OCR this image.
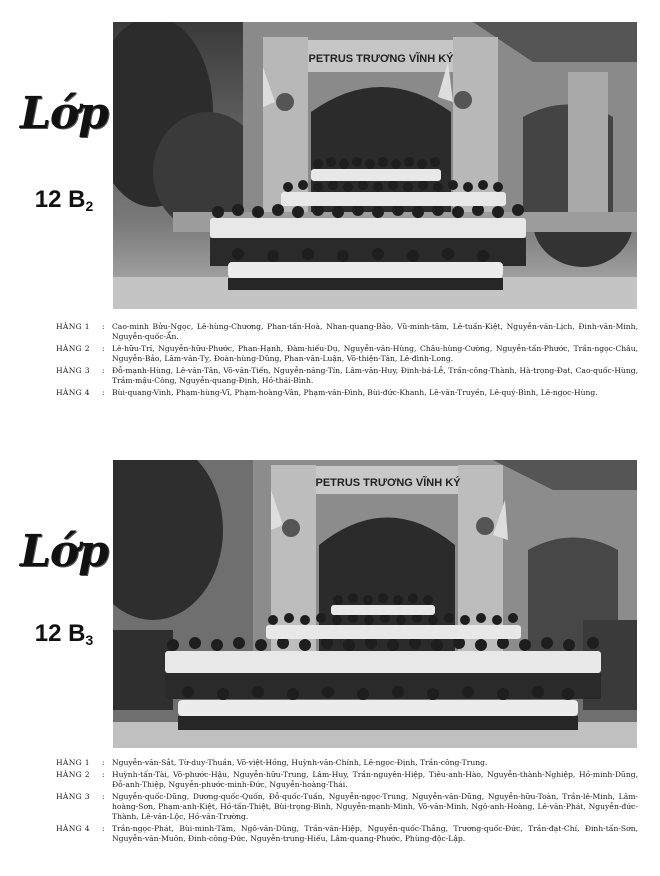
Lớp
12 $B_2$
PETRUS TRƯƠNG VĨNH KÝ
HÀNG 1	: Cao-minh Bửu-Ngọc, Lê-hùng-Chương, Phan-tấn-Hoà, Nhan-quang-Bảo, Vũ-minh-tâm, Lê-tuấn-Kiệt, Nguyễn-văn-Lịch, Đinh-văn-Minh, Nguyễn-quốc-Ẩn.
HÀNG 2	: Lê-hữu-Trí, Nguyễn-hữu-Phước, Phan-Hạnh, Đàm-hiếu-Dụ, Nguyễn-văn-Hùng, Châu-hùng-Cường, Nguyễn-tấn-Phước, Trần-ngọc-Châu, Nguyễn-Bảo, Lâm-văn-Tỵ, Đoàn-hùng-Dũng, Phan-văn-Luận, Võ-thiện-Tân, Lê-đình-Long.
HÀNG 3	: Đỗ-mạnh-Hùng, Lê-văn-Tân, Võ-văn-Tiến, Nguyễn-năng-Tín, Lâm-văn-Huy, Đinh-bá-Lễ, Trần-công-Thành, Hà-trọng-Đạt, Cao-quốc-Hùng, Trầm-mậu-Công, Nguyễn-quang-Định, Hồ-thái-Bình.
HÀNG 4	: Bùi-quang-Vinh, Phạm-hùng-Vĩ, Phạm-hoàng-Vân, Phạm-văn-Đình, Bùi-đức-Khanh, Lê-văn-Truyền, Lê-quý-Bình, Lê-ngọc-Hùng.
Lớp
12 $B_3$
PETRUS TRƯƠNG VĨNH KÝ
HÀNG 1	: Nguyễn-văn-Sắt, Từ-duy-Thuần, Võ-việt-Hồng, Huỳnh-văn-Chính, Lê-ngọc-Định, Trần-công-Trung.
HÀNG 2	: Huỳnh-tấn-Tài, Võ-phước-Hậu, Nguyễn-hữu-Trung, Lâm-Huy, Trần-nguyên-Hiệp, Tiêu-anh-Hào, Nguyễn-thành-Nghiệp, Hồ-minh-Dũng, Đỗ-anh-Thiệp, Nguyễn-phước-minh-Đức, Nguyễn-hoàng-Thái.
HÀNG 3	: Nguyễn-quốc-Dũng, Dương-quốc-Quốn, Đỗ-quốc-Tuấn, Nguyễn-ngọc-Trung, Nguyễn-văn-Dũng, Nguyễn-hữu-Toàn, Trần-lê-Minh, Lâm-hoàng-Sơn, Phạm-anh-Kiệt, Hồ-tấn-Thiệt, Bùi-trọng-Bình, Nguyễn-mạnh-Minh, Võ-văn-Minh, Ngô-anh-Hoàng, Lê-văn-Phát, Nguyễn-đức-Thành, Lê-văn-Lộc, Hồ-văn-Trường.
HÀNG 4	: Trần-ngọc-Phát, Bùi-minh-Tâm, Ngô-văn-Dũng, Trần-văn-Hiệp, Nguyễn-quốc-Thắng, Trương-quốc-Đức, Trần-đạt-Chí, Đinh-tấn-Sơn, Nguyễn-văn-Muôn, Đinh-công-Đức, Nguyễn-trung-Hiếu, Lâm-quang-Phước, Phùng-độc-Lập.
